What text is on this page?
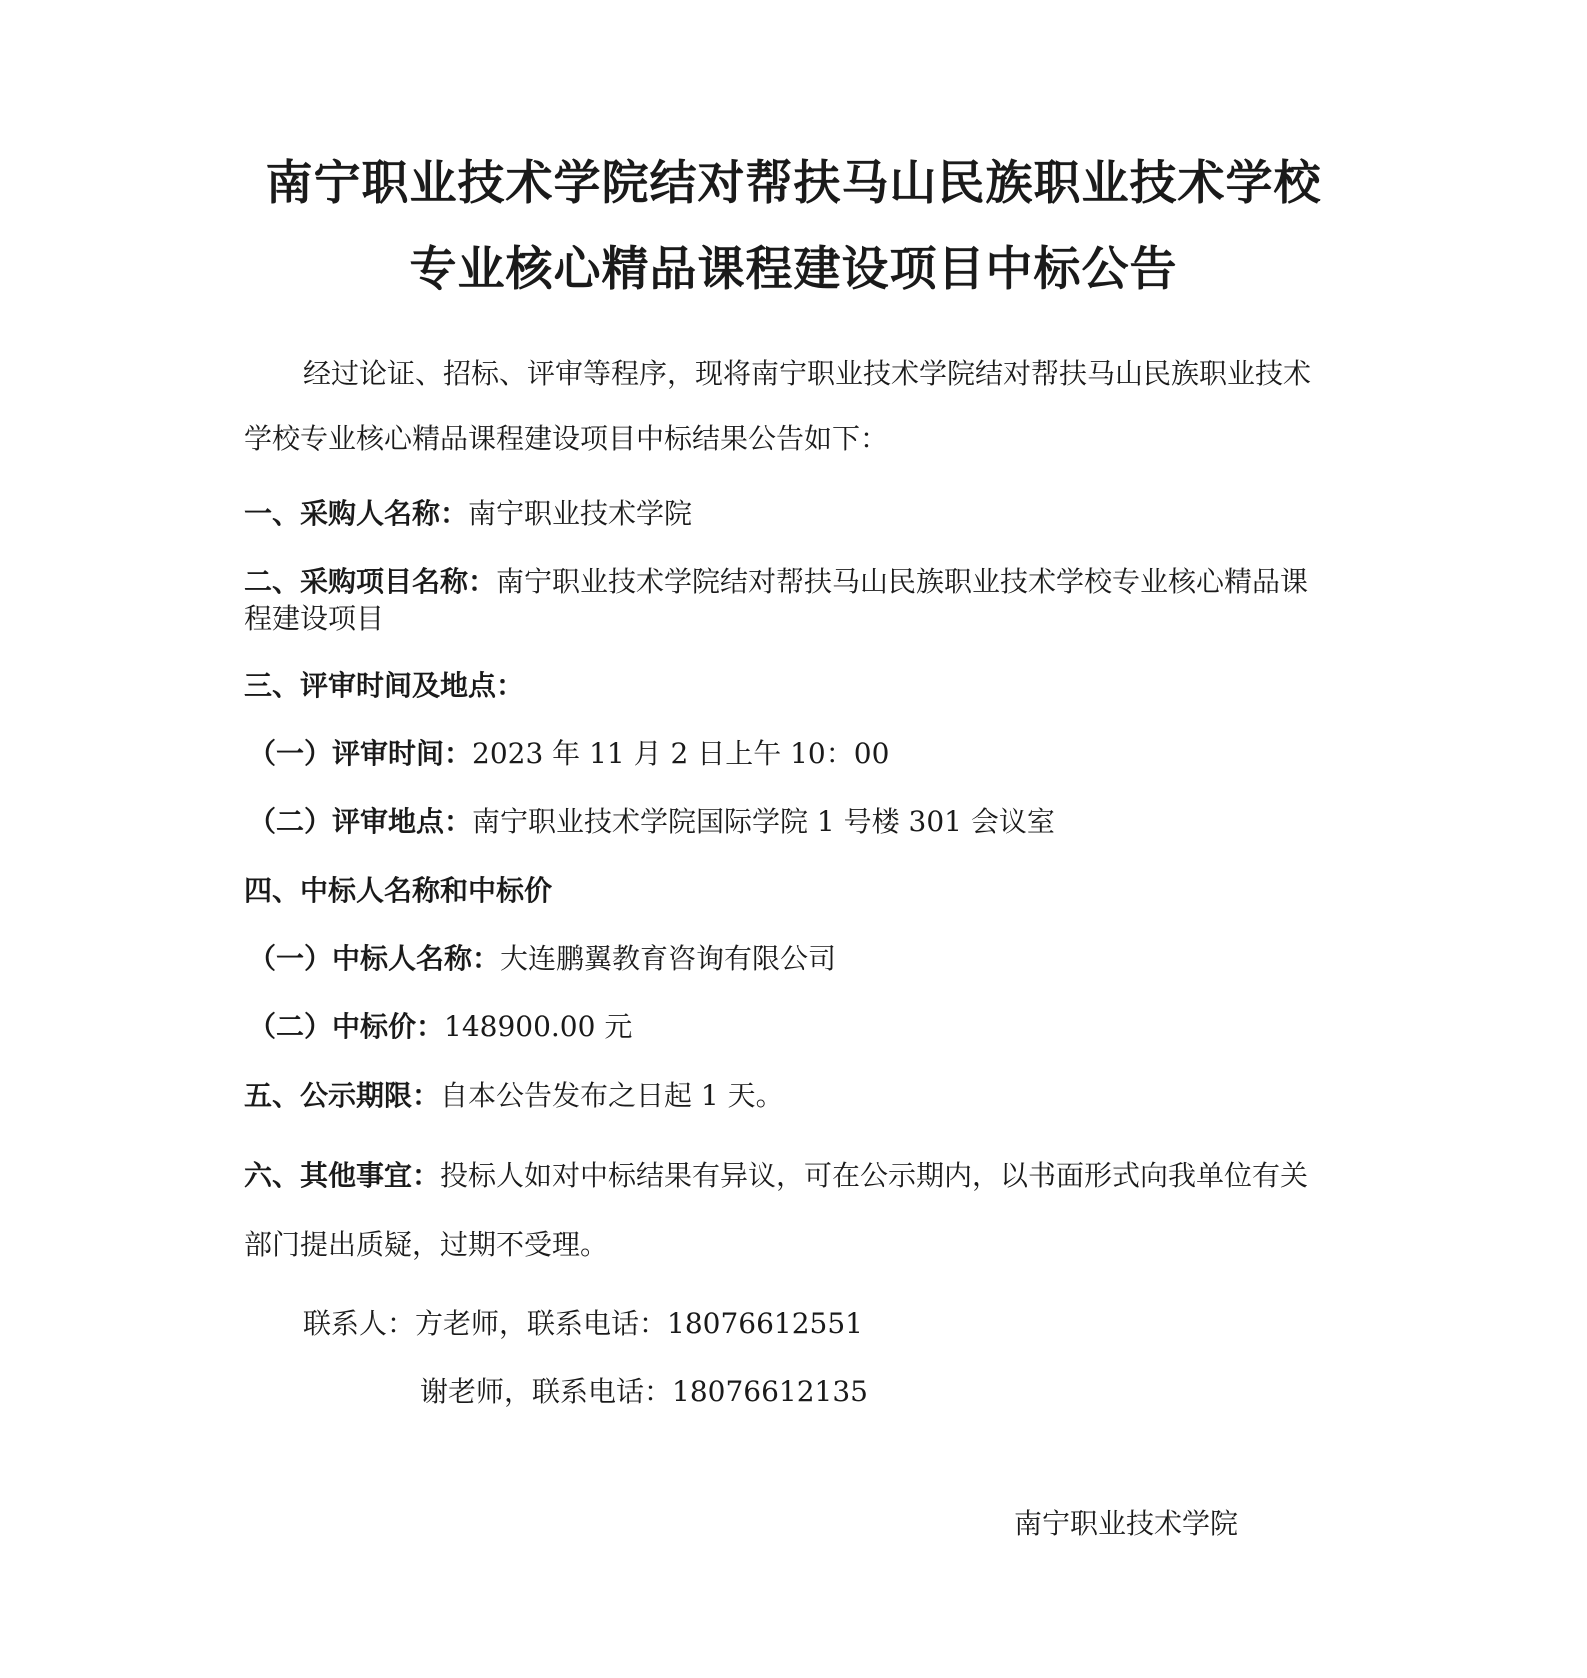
南宁职业技术学院结对帮扶马山民族职业技术学校
专业核心精品课程建设项目中标公告
经过论证、招标、评审等程序，现将南宁职业技术学院结对帮扶马山民族职业技术
学校专业核心精品课程建设项目中标结果公告如下：
一、采购人名称：南宁职业技术学院
二、采购项目名称：南宁职业技术学院结对帮扶马山民族职业技术学校专业核心精品课
程建设项目
三、评审时间及地点：
（一）评审时间：2023 年 11 月 2 日上午 10：00
（二）评审地点：南宁职业技术学院国际学院 1 号楼 301 会议室
四、中标人名称和中标价
（一）中标人名称：大连鹏翼教育咨询有限公司
（二）中标价：148900.00 元
五、公示期限：自本公告发布之日起 1 天。
六、其他事宜：投标人如对中标结果有异议，可在公示期内，以书面形式向我单位有关
部门提出质疑，过期不受理。
联系人：方老师，联系电话：18076612551
谢老师，联系电话：18076612135
南宁职业技术学院
